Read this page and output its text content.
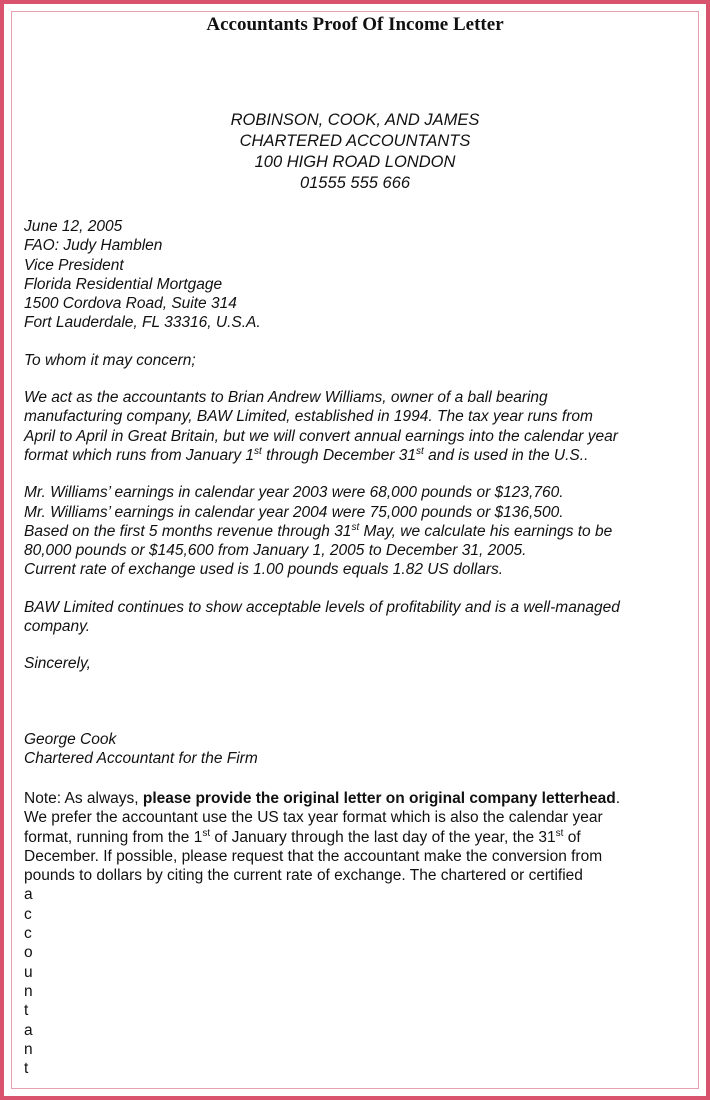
Accountants Proof Of Income Letter
ROBINSON, COOK, AND JAMES
CHARTERED ACCOUNTANTS
100 HIGH ROAD LONDON
01555 555 666

June 12, 2005
FAO: Judy Hamblen
Vice President
Florida Residential Mortgage
1500 Cordova Road, Suite 314
Fort Lauderdale, FL 33316, U.S.A.

To whom it may concern;

We act as the accountants to Brian Andrew Williams, owner of a ball bearing
manufacturing company, BAW Limited, established in 1994. The tax year runs from
April to April in Great Britain, but we will convert annual earnings into the calendar year
format which runs from January 1st through December 31st and is used in the U.S..

Mr. Williams’ earnings in calendar year 2003 were 68,000 pounds or $123,760.
Mr. Williams’ earnings in calendar year 2004 were 75,000 pounds or $136,500.
Based on the first 5 months revenue through 31st May, we calculate his earnings to be
80,000 pounds or $145,600 from January 1, 2005 to December 31, 2005.
Current rate of exchange used is 1.00 pounds equals 1.82 US dollars.

BAW Limited continues to show acceptable levels of profitability and is a well-managed
company.

Sincerely,

George Cook
Chartered Accountant for the Firm

Note: As always, please provide the original letter on original company letterhead.
We prefer the accountant use the US tax year format which is also the calendar year
format, running from the 1st of January through the last day of the year, the 31st of
December. If possible, please request that the accountant make the conversion from
pounds to dollars by citing the current rate of exchange. The chartered or certified
a
c
c
o
u
n
t
a
n
t
